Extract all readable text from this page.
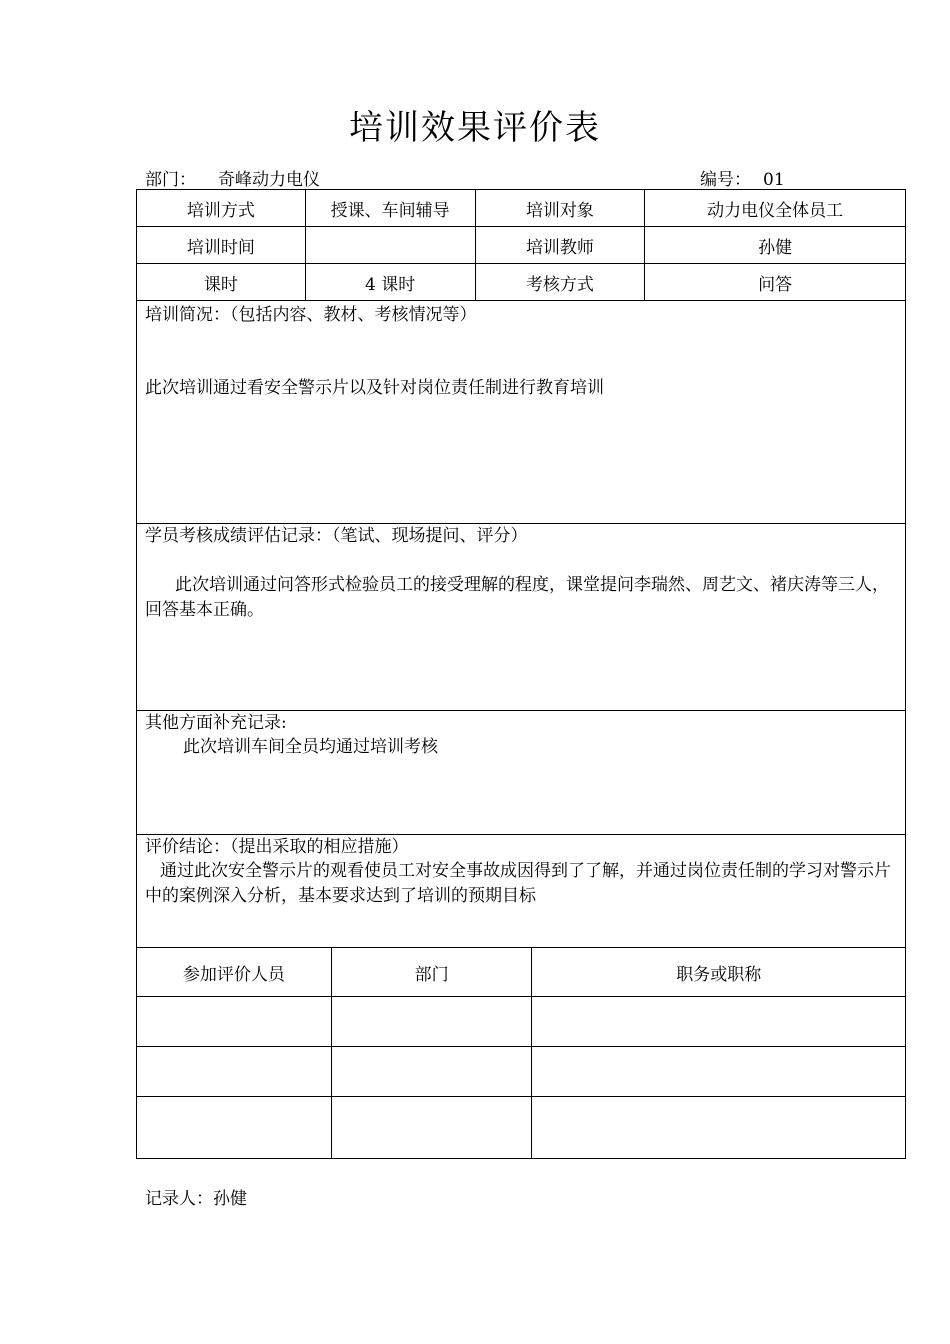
培训效果评价表
部门： 奇峰动力电仪	编号： 01
培训方式	授课、车间辅导	培训对象	动力电仪全体员工
培训时间		培训教师	孙健
课时	4 课时	考核方式	问答
培训简况：（包括内容、教材、考核情况等）
此次培训通过看安全警示片以及针对岗位责任制进行教育培训
学员考核成绩评估记录：（笔试、现场提问、评分）
此次培训通过问答形式检验员工的接受理解的程度，课堂提问李瑞然、周艺文、褚庆涛等三人，回答基本正确。
其他方面补充记录:
此次培训车间全员均通过培训考核
评价结论：（提出采取的相应措施）
通过此次安全警示片的观看使员工对安全事故成因得到了了解，并通过岗位责任制的学习对警示片中的案例深入分析，基本要求达到了培训的预期目标
参加评价人员	部门	职务或职称

记录人：孙健
